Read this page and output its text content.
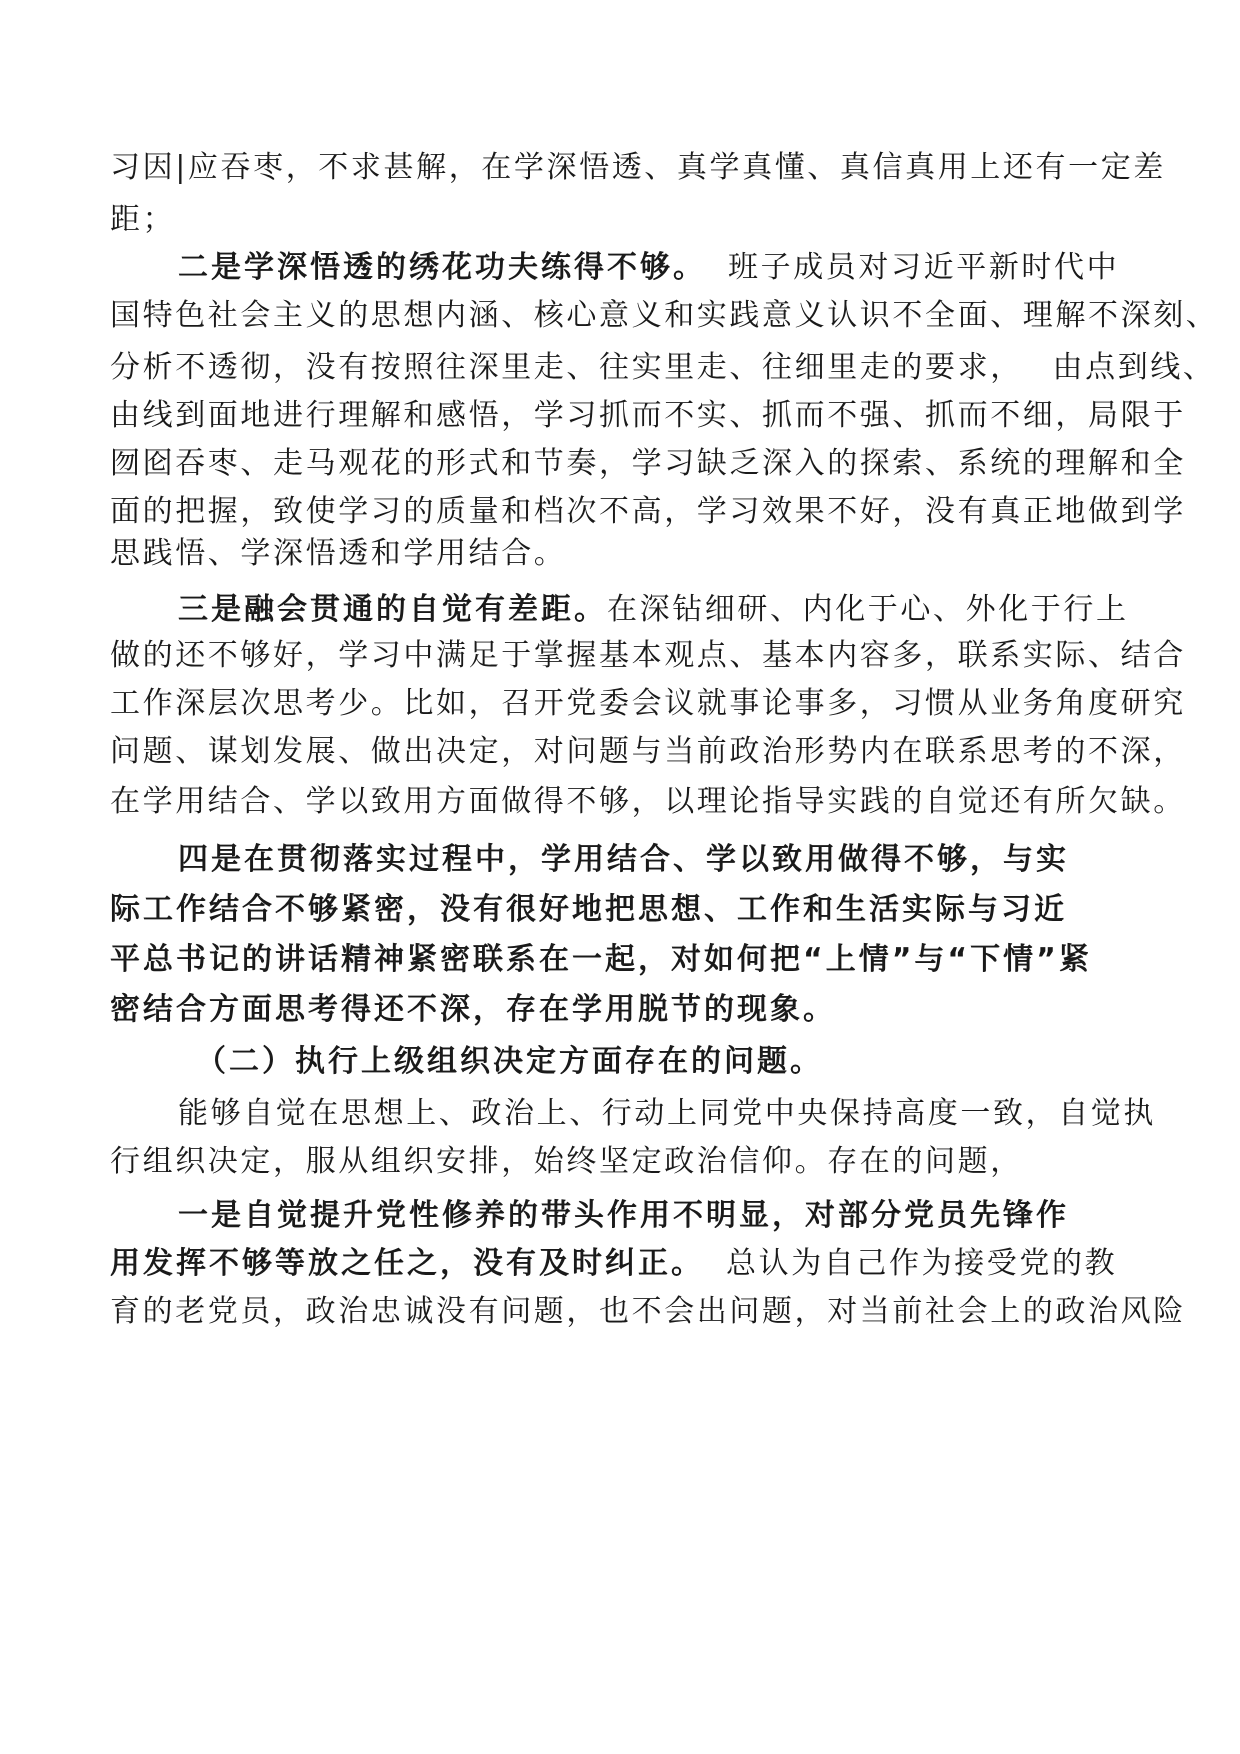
习因|应吞枣，不求甚解，在学深悟透、真学真懂、真信真用上还有一定差

距；

二是学深悟透的绣花功夫练得不够。 班子成员对习近平新时代中

国特色社会主义的思想内涵、核心意义和实践意义认识不全面、理解不深刻、

分析不透彻，没有按照往深里走、往实里走、往细里走的要求，　 由点到线、

由线到面地进行理解和感悟，学习抓而不实、抓而不强、抓而不细，局限于

囫囵吞枣、走马观花的形式和节奏，学习缺乏深入的探索、系统的理解和全

面的把握，致使学习的质量和档次不高，学习效果不好，没有真正地做到学

思践悟、学深悟透和学用结合。

三是融会贯通的自觉有差距。在深钻细研、内化于心、外化于行上

做的还不够好，学习中满足于掌握基本观点、基本内容多，联系实际、结合

工作深层次思考少。比如，召开党委会议就事论事多，习惯从业务角度研究

问题、谋划发展、做出决定，对问题与当前政治形势内在联系思考的不深，

在学用结合、学以致用方面做得不够，以理论指导实践的自觉还有所欠缺。

四是在贯彻落实过程中，学用结合、学以致用做得不够，与实

际工作结合不够紧密，没有很好地把思想、工作和生活实际与习近

平总书记的讲话精神紧密联系在一起，对如何把“上情”与“下情”紧

密结合方面思考得还不深，存在学用脱节的现象。

（二）执行上级组织决定方面存在的问题。

能够自觉在思想上、政治上、行动上同党中央保持高度一致，自觉执

行组织决定，服从组织安排，始终坚定政治信仰。存在的问题，

一是自觉提升党性修养的带头作用不明显，对部分党员先锋作

用发挥不够等放之任之，没有及时纠正。 总认为自己作为接受党的教

育的老党员，政治忠诚没有问题，也不会出问题，对当前社会上的政治风险
